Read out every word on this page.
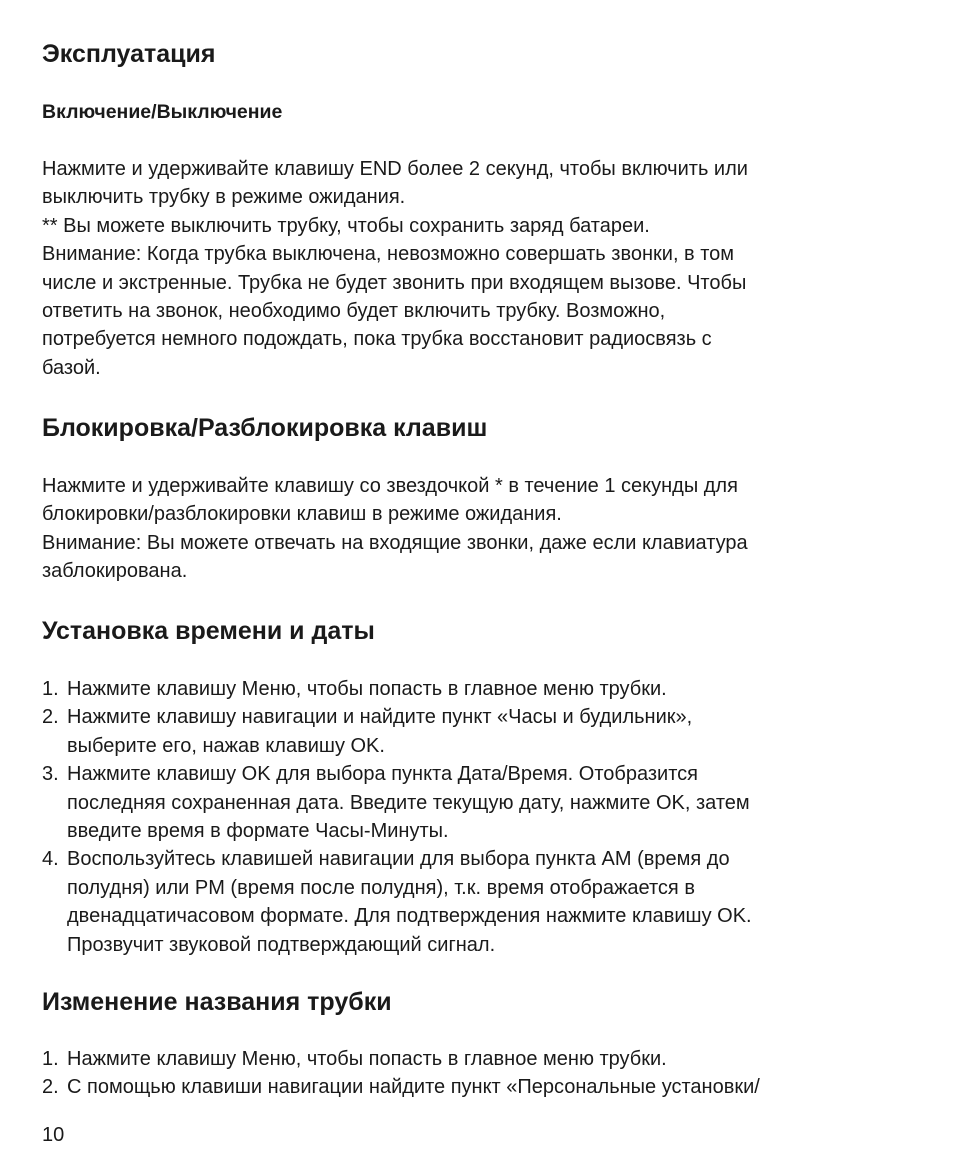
Эксплуатация
Включение/Выключение
Нажмите и удерживайте клавишу END более 2 секунд, чтобы включить или
выключить трубку в режиме ожидания.
** Вы можете выключить трубку, чтобы сохранить заряд батареи.
Внимание: Когда трубка выключена, невозможно совершать звонки, в том
числе и экстренные. Трубка не будет звонить при входящем вызове. Чтобы
ответить на звонок, необходимо будет включить трубку. Возможно,
потребуется немного подождать, пока трубка восстановит радиосвязь с
базой.
Блокировка/Разблокировка клавиш
Нажмите и удерживайте клавишу со звездочкой * в течение 1 секунды для
блокировки/разблокировки клавиш в режиме ожидания.
Внимание: Вы можете отвечать на входящие звонки, даже если клавиатура
заблокирована.
Установка времени и даты
1. Нажмите клавишу Меню, чтобы попасть в главное меню трубки.
2. Нажмите клавишу навигации и найдите пункт «Часы и будильник»,
выберите его, нажав клавишу OK.
3. Нажмите клавишу OK для выбора пункта Дата/Время. Отобразится
последняя сохраненная дата. Введите текущую дату, нажмите OK, затем
введите время в формате Часы-Минуты.
4. Воспользуйтесь клавишей навигации для выбора пункта AM (время до
полудня) или PM (время после полудня), т.к. время отображается в
двенадцатичасовом формате. Для подтверждения нажмите клавишу OK.
Прозвучит звуковой подтверждающий сигнал.
Изменение названия трубки
1. Нажмите клавишу Меню, чтобы попасть в главное меню трубки.
2. С помощью клавиши навигации найдите пункт «Персональные установки/
10
